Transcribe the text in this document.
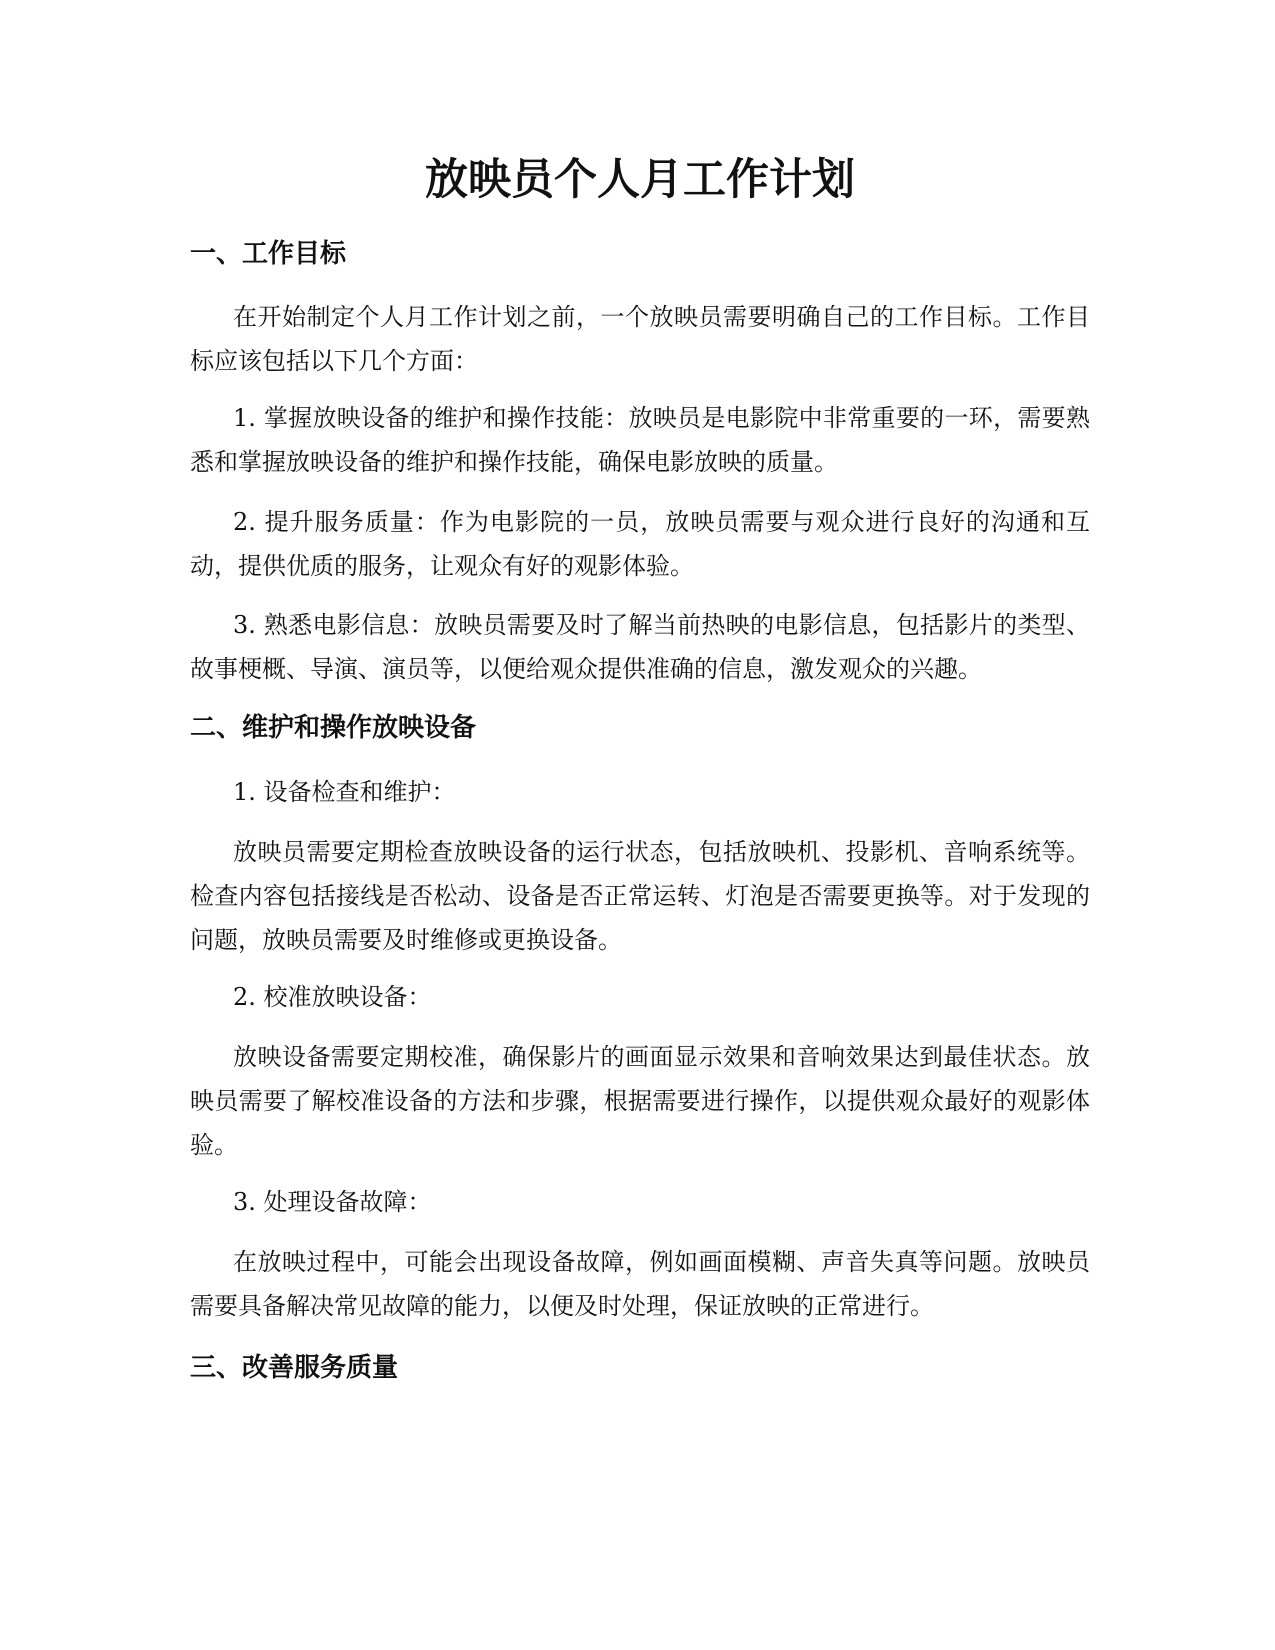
放映员个人月工作计划
一、工作目标

在开始制定个人月工作计划之前，一个放映员需要明确自己的工作目标。工作目标应该包括以下几个方面：

1. 掌握放映设备的维护和操作技能：放映员是电影院中非常重要的一环，需要熟悉和掌握放映设备的维护和操作技能，确保电影放映的质量。

2. 提升服务质量：作为电影院的一员，放映员需要与观众进行良好的沟通和互动，提供优质的服务，让观众有好的观影体验。

3. 熟悉电影信息：放映员需要及时了解当前热映的电影信息，包括影片的类型、故事梗概、导演、演员等，以便给观众提供准确的信息，激发观众的兴趣。

二、维护和操作放映设备

1. 设备检查和维护：

放映员需要定期检查放映设备的运行状态，包括放映机、投影机、音响系统等。检查内容包括接线是否松动、设备是否正常运转、灯泡是否需要更换等。对于发现的问题，放映员需要及时维修或更换设备。

2. 校准放映设备：

放映设备需要定期校准，确保影片的画面显示效果和音响效果达到最佳状态。放映员需要了解校准设备的方法和步骤，根据需要进行操作，以提供观众最好的观影体验。

3. 处理设备故障：

在放映过程中，可能会出现设备故障，例如画面模糊、声音失真等问题。放映员需要具备解决常见故障的能力，以便及时处理，保证放映的正常进行。

三、改善服务质量
